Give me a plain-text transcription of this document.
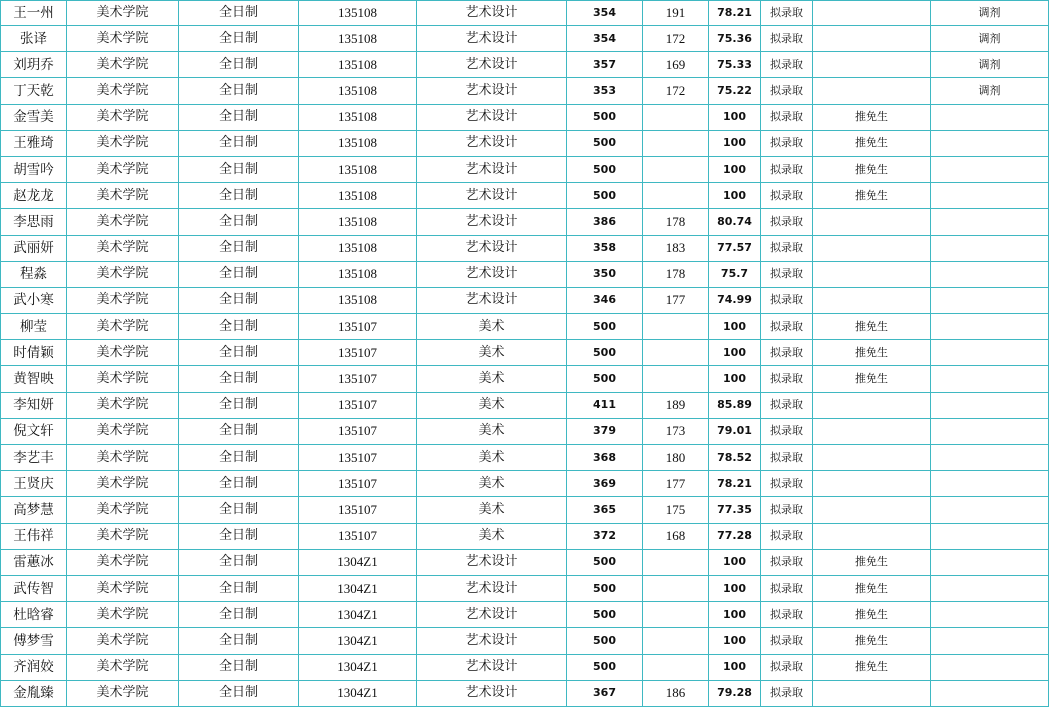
王一州	美术学院	全日制	135108	艺术设计	354	191	78.21	拟录取		调剂
张译	美术学院	全日制	135108	艺术设计	354	172	75.36	拟录取		调剂
刘玥乔	美术学院	全日制	135108	艺术设计	357	169	75.33	拟录取		调剂
丁天乾	美术学院	全日制	135108	艺术设计	353	172	75.22	拟录取		调剂
金雪美	美术学院	全日制	135108	艺术设计	500		100	拟录取	推免生	
王雅琦	美术学院	全日制	135108	艺术设计	500		100	拟录取	推免生	
胡雪吟	美术学院	全日制	135108	艺术设计	500		100	拟录取	推免生	
赵龙龙	美术学院	全日制	135108	艺术设计	500		100	拟录取	推免生	
李思雨	美术学院	全日制	135108	艺术设计	386	178	80.74	拟录取		
武丽妍	美术学院	全日制	135108	艺术设计	358	183	77.57	拟录取		
程淼	美术学院	全日制	135108	艺术设计	350	178	75.7	拟录取		
武小寒	美术学院	全日制	135108	艺术设计	346	177	74.99	拟录取		
柳莹	美术学院	全日制	135107	美术	500		100	拟录取	推免生	
时倩颖	美术学院	全日制	135107	美术	500		100	拟录取	推免生	
黄智映	美术学院	全日制	135107	美术	500		100	拟录取	推免生	
李知妍	美术学院	全日制	135107	美术	411	189	85.89	拟录取		
倪文轩	美术学院	全日制	135107	美术	379	173	79.01	拟录取		
李艺丰	美术学院	全日制	135107	美术	368	180	78.52	拟录取		
王贤庆	美术学院	全日制	135107	美术	369	177	78.21	拟录取		
高梦慧	美术学院	全日制	135107	美术	365	175	77.35	拟录取		
王伟祥	美术学院	全日制	135107	美术	372	168	77.28	拟录取		
雷蕙冰	美术学院	全日制	1304Z1	艺术设计	500		100	拟录取	推免生	
武传智	美术学院	全日制	1304Z1	艺术设计	500		100	拟录取	推免生	
杜晗睿	美术学院	全日制	1304Z1	艺术设计	500		100	拟录取	推免生	
傅梦雪	美术学院	全日制	1304Z1	艺术设计	500		100	拟录取	推免生	
齐润姣	美术学院	全日制	1304Z1	艺术设计	500		100	拟录取	推免生	
金胤臻	美术学院	全日制	1304Z1	艺术设计	367	186	79.28	拟录取		
